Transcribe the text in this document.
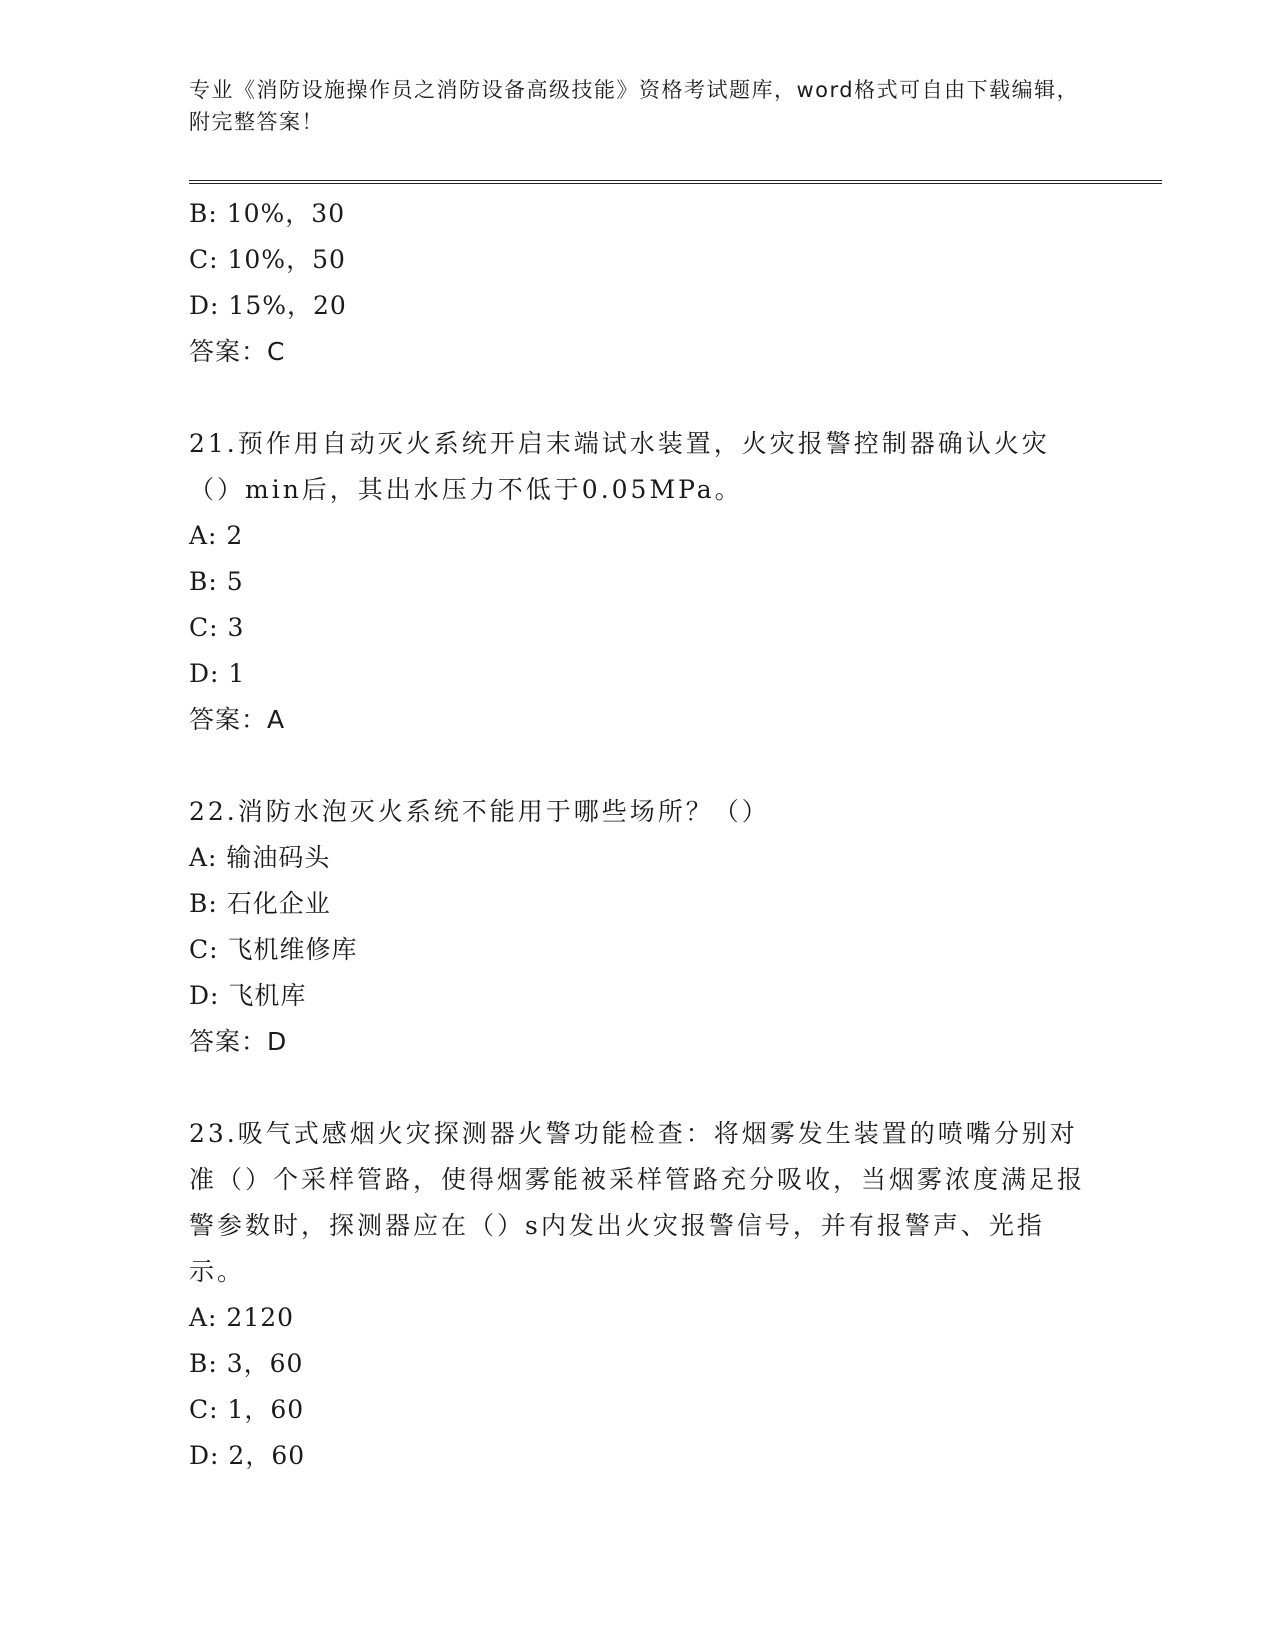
专业《消防设施操作员之消防设备高级技能》资格考试题库，word格式可自由下载编辑，附完整答案！
B: 10%，30
C: 10%，50
D: 15%，20
答案：C
21.预作用自动灭火系统开启末端试水装置，火灾报警控制器确认火灾（）min后，其出水压力不低于0.05MPa。
A: 2
B: 5
C: 3
D: 1
答案：A
22.消防水泡灭火系统不能用于哪些场所？（）
A: 输油码头
B: 石化企业
C: 飞机维修库
D: 飞机库
答案：D
23.吸气式感烟火灾探测器火警功能检查：将烟雾发生装置的喷嘴分别对准（）个采样管路，使得烟雾能被采样管路充分吸收，当烟雾浓度满足报警参数时，探测器应在（）s内发出火灾报警信号，并有报警声、光指示。
A: 2120
B: 3，60
C: 1，60
D: 2，60
